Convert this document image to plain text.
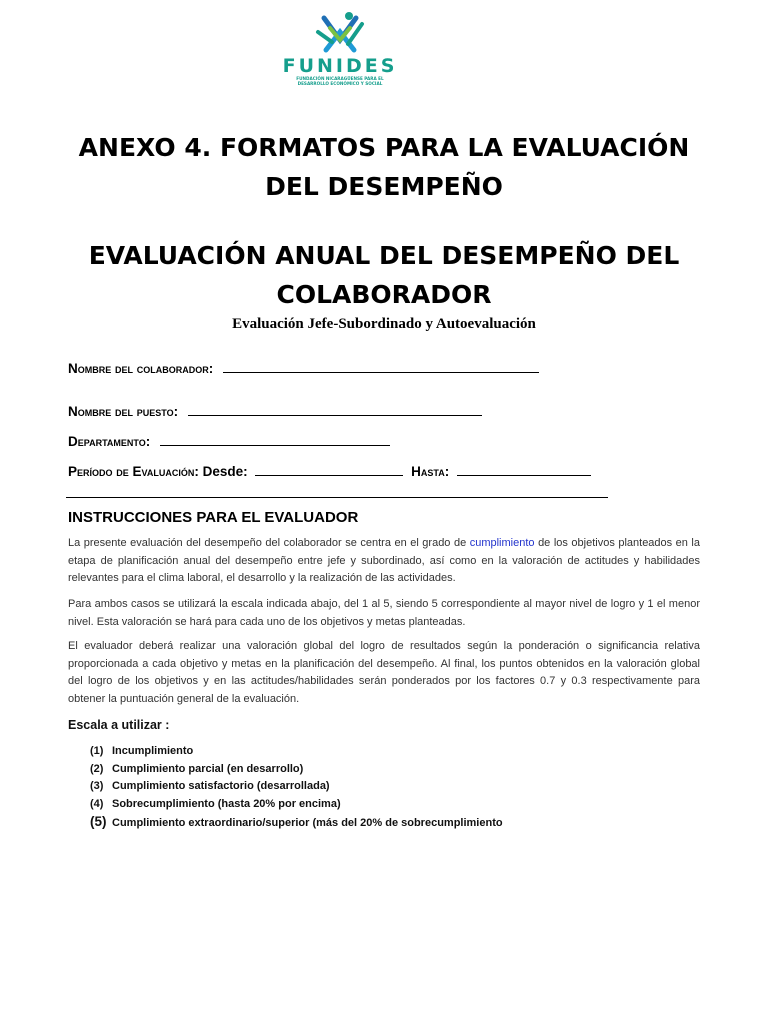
FUNIDES
FUNDACIÓN NICARAGÜENSE PARA EL DESARROLLO ECONÓMICO Y SOCIAL
ANEXO 4. FORMATOS PARA LA EVALUACIÓN
DEL DESEMPEÑO
EVALUACIÓN ANUAL DEL DESEMPEÑO DEL
COLABORADOR
Evaluación Jefe-Subordinado y Autoevaluación
Nombre del colaborador:
Nombre del puesto:
Departamento:
Período de Evaluación: Desde:	Hasta:
INSTRUCCIONES PARA EL EVALUADOR
La presente evaluación del desempeño del colaborador se centra en el grado de cumplimiento de los objetivos planteados en la etapa de planificación anual del desempeño entre jefe y subordinado, así como en la valoración de actitudes y habilidades relevantes para el clima laboral, el desarrollo y la realización de las actividades.
Para ambos casos se utilizará la escala indicada abajo, del 1 al 5, siendo 5 correspondiente al mayor nivel de logro y 1 el menor nivel. Esta valoración se hará para cada uno de los objetivos y metas planteadas.
El evaluador deberá realizar una valoración global del logro de resultados según la ponderación o significancia relativa proporcionada a cada objetivo y metas en la planificación del desempeño. Al final, los puntos obtenidos en la valoración global del logro de los objetivos y en las actitudes/habilidades serán ponderados por los factores 0.7 y 0.3 respectivamente para obtener la puntuación general de la evaluación.
Escala a utilizar :
(1) Incumplimiento
(2) Cumplimiento parcial (en desarrollo)
(3) Cumplimiento satisfactorio (desarrollada)
(4) Sobrecumplimiento (hasta 20% por encima)
(5) Cumplimiento extraordinario/superior (más del 20% de sobrecumplimiento
